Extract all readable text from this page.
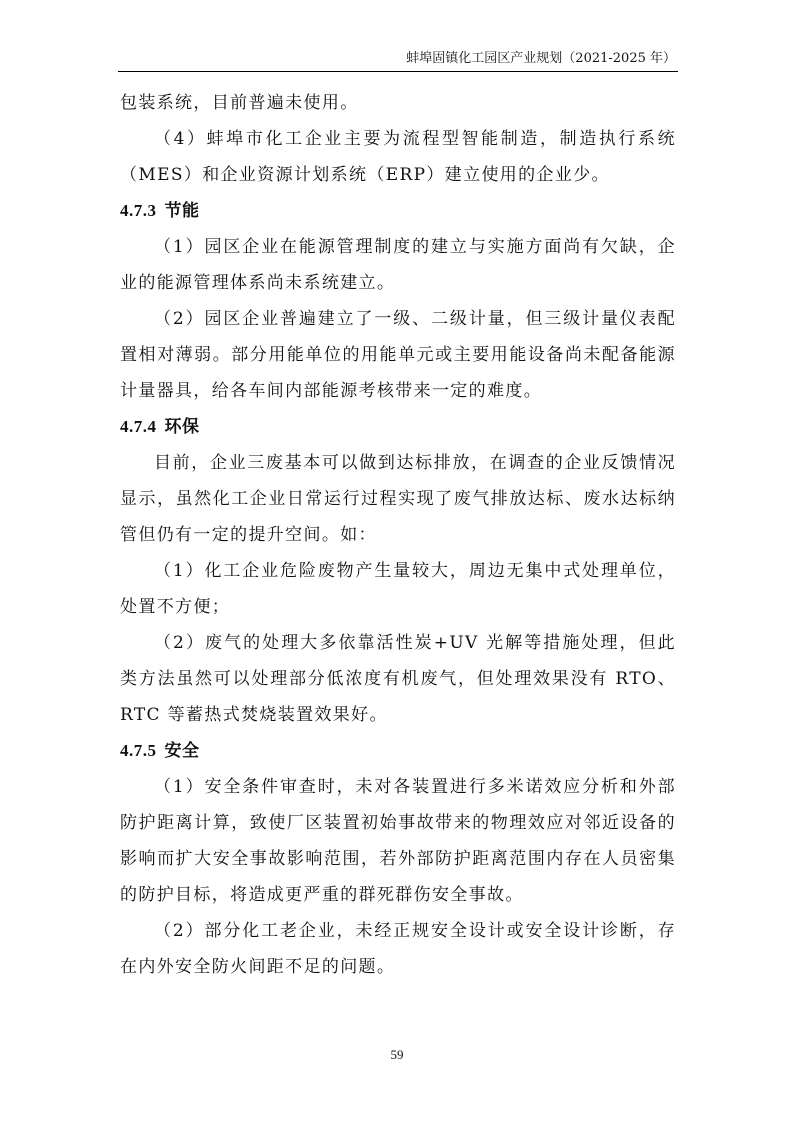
蚌埠固镇化工园区产业规划（2021-2025 年）

包装系统，目前普遍未使用。

（4）蚌埠市化工企业主要为流程型智能制造，制造执行系统（MES）和企业资源计划系统（ERP）建立使用的企业少。

4.7.3 节能

（1）园区企业在能源管理制度的建立与实施方面尚有欠缺，企业的能源管理体系尚未系统建立。

（2）园区企业普遍建立了一级、二级计量，但三级计量仪表配置相对薄弱。部分用能单位的用能单元或主要用能设备尚未配备能源计量器具，给各车间内部能源考核带来一定的难度。

4.7.4 环保

目前，企业三废基本可以做到达标排放，在调查的企业反馈情况显示，虽然化工企业日常运行过程实现了废气排放达标、废水达标纳管但仍有一定的提升空间。如：

（1）化工企业危险废物产生量较大，周边无集中式处理单位，处置不方便；

（2）废气的处理大多依靠活性炭+UV 光解等措施处理，但此类方法虽然可以处理部分低浓度有机废气，但处理效果没有 RTO、RTC 等蓄热式焚烧装置效果好。

4.7.5 安全

（1）安全条件审查时，未对各装置进行多米诺效应分析和外部防护距离计算，致使厂区装置初始事故带来的物理效应对邻近设备的影响而扩大安全事故影响范围，若外部防护距离范围内存在人员密集的防护目标，将造成更严重的群死群伤安全事故。

（2）部分化工老企业，未经正规安全设计或安全设计诊断，存在内外安全防火间距不足的问题。

59
